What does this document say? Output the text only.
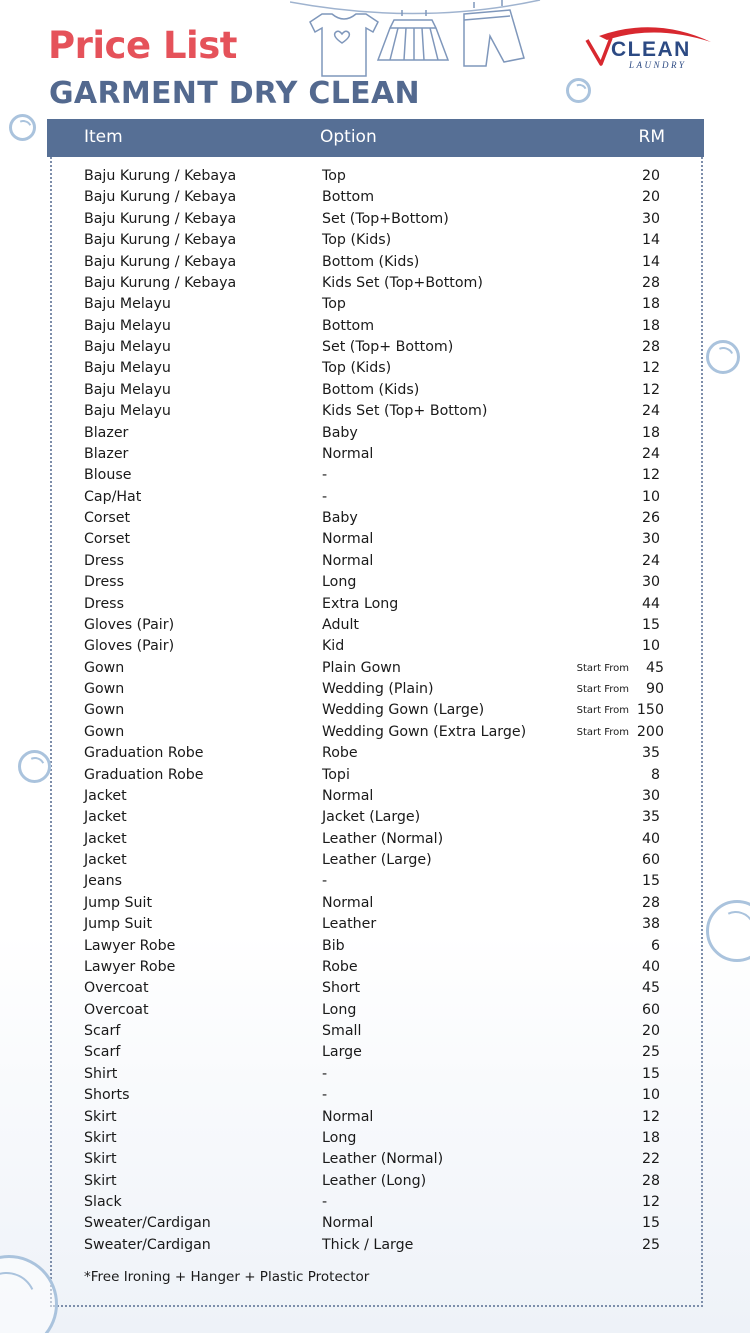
Price List
GARMENT DRY CLEAN
CLEAN
LAUNDRY
Item	Option	RM
Baju Kurung / Kebaya	Top	20
Baju Kurung / Kebaya	Bottom	20
Baju Kurung / Kebaya	Set (Top+Bottom)	30
Baju Kurung / Kebaya	Top (Kids)	14
Baju Kurung / Kebaya	Bottom (Kids)	14
Baju Kurung / Kebaya	Kids Set (Top+Bottom)	28
Baju Melayu	Top	18
Baju Melayu	Bottom	18
Baju Melayu	Set (Top+ Bottom)	28
Baju Melayu	Top (Kids)	12
Baju Melayu	Bottom (Kids)	12
Baju Melayu	Kids Set (Top+ Bottom)	24
Blazer	Baby	18
Blazer	Normal	24
Blouse	-	12
Cap/Hat	-	10
Corset	Baby	26
Corset	Normal	30
Dress	Normal	24
Dress	Long	30
Dress	Extra Long	44
Gloves (Pair)	Adult	15
Gloves (Pair)	Kid	10
Gown	Plain Gown	Start From 45
Gown	Wedding (Plain)	Start From 90
Gown	Wedding Gown (Large)	Start From 150
Gown	Wedding Gown (Extra Large)	Start From 200
Graduation Robe	Robe	35
Graduation Robe	Topi	8
Jacket	Normal	30
Jacket	Jacket (Large)	35
Jacket	Leather (Normal)	40
Jacket	Leather (Large)	60
Jeans	-	15
Jump Suit	Normal	28
Jump Suit	Leather	38
Lawyer Robe	Bib	6
Lawyer Robe	Robe	40
Overcoat	Short	45
Overcoat	Long	60
Scarf	Small	20
Scarf	Large	25
Shirt	-	15
Shorts	-	10
Skirt	Normal	12
Skirt	Long	18
Skirt	Leather (Normal)	22
Skirt	Leather (Long)	28
Slack	-	12
Sweater/Cardigan	Normal	15
Sweater/Cardigan	Thick / Large	25
*Free Ironing + Hanger + Plastic Protector
